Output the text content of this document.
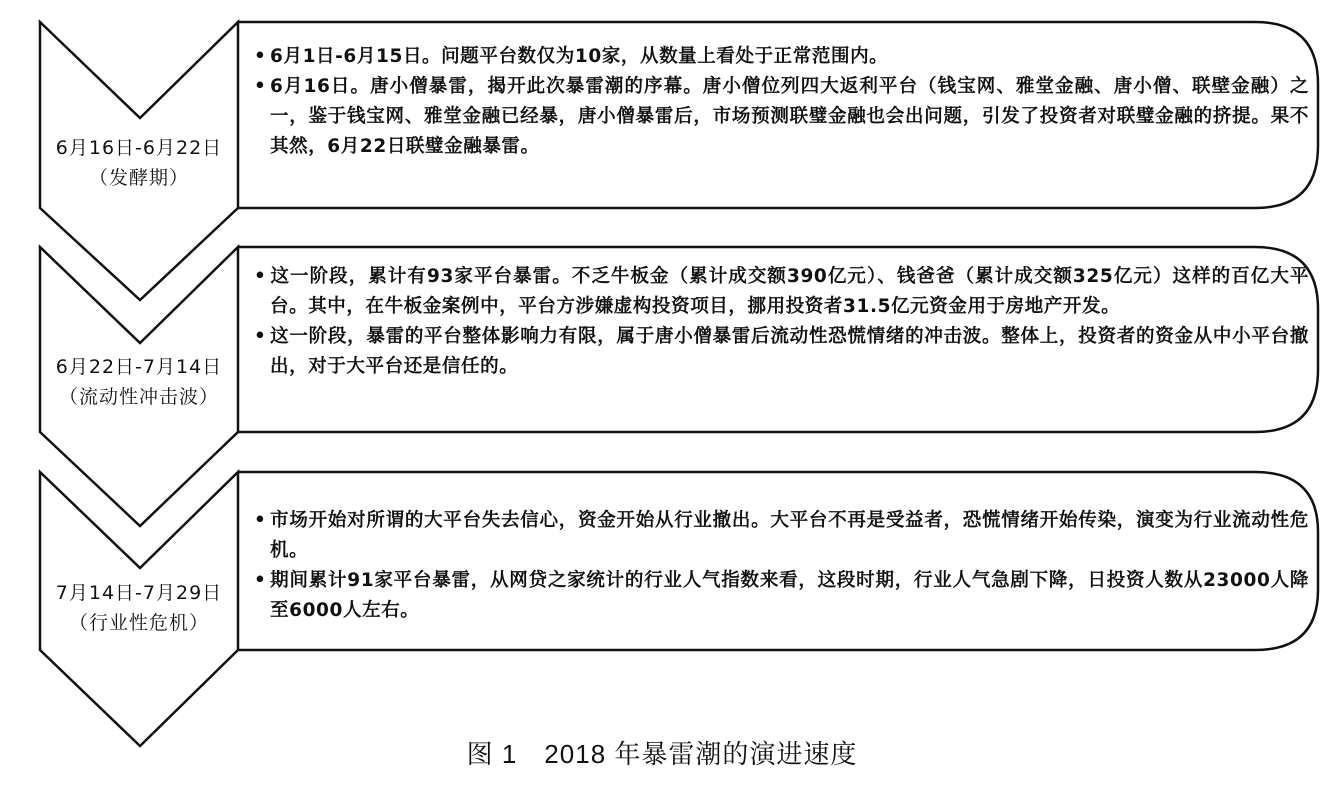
6月16日-6月22日
（发酵期）

• 6月1日-6月15日。问题平台数仅为10家，从数量上看处于正常范围内。

• 6月16日。唐小僧暴雷，揭开此次暴雷潮的序幕。唐小僧位列四大返利平台（钱宝网、雅堂金融、唐小僧、联壁金融）之一，鉴于钱宝网、雅堂金融已经暴，唐小僧暴雷后，市场预测联璧金融也会出问题，引发了投资者对联璧金融的挤提。果不其然，6月22日联璧金融暴雷。

6月22日-7月14日
（流动性冲击波）

• 这一阶段，累计有93家平台暴雷。不乏牛板金（累计成交额390亿元）、钱爸爸（累计成交额325亿元）这样的百亿大平台。其中，在牛板金案例中，平台方涉嫌虚构投资项目，挪用投资者31.5亿元资金用于房地产开发。

• 这一阶段，暴雷的平台整体影响力有限，属于唐小僧暴雷后流动性恐慌情绪的冲击波。整体上，投资者的资金从中小平台撤出，对于大平台还是信任的。

7月14日-7月29日
（行业性危机）

• 市场开始对所谓的大平台失去信心，资金开始从行业撤出。大平台不再是受益者，恐慌情绪开始传染，演变为行业流动性危机。

• 期间累计91家平台暴雷，从网贷之家统计的行业人气指数来看，这段时期，行业人气急剧下降，日投资人数从23000人降至6000人左右。

图 1　2018 年暴雷潮的演进速度
